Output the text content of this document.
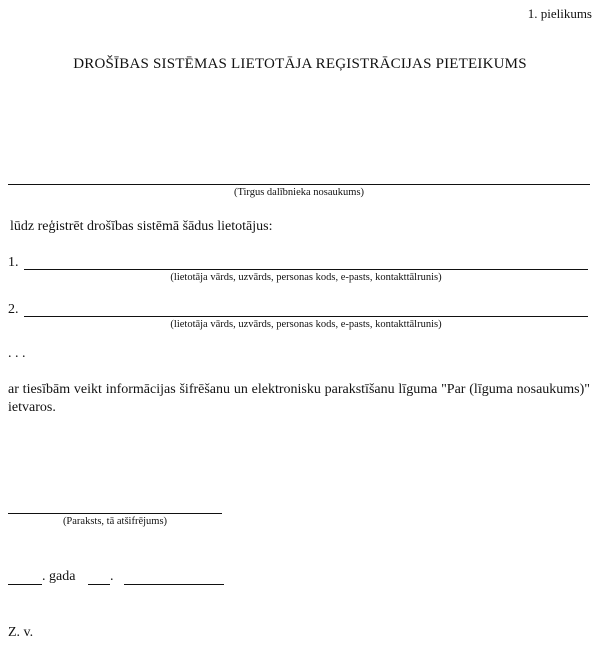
1. pielikums
DROŠĪBAS SISTĒMAS LIETOTĀJA REĢISTRĀCIJAS PIETEIKUMS
(Tirgus dalībnieka nosaukums)
lūdz reģistrēt drošības sistēmā šādus lietotājus:
1.
(lietotāja vārds, uzvārds, personas kods, e-pasts, kontakttālrunis)
2.
(lietotāja vārds, uzvārds, personas kods, e-pasts, kontakttālrunis)
. . .
ar tiesībām veikt informācijas šifrēšanu un elektronisku parakstīšanu līguma "Par (līguma nosaukums)" ietvaros.
(Paraksts, tā atšifrējums)
. gada .
Z. v.
